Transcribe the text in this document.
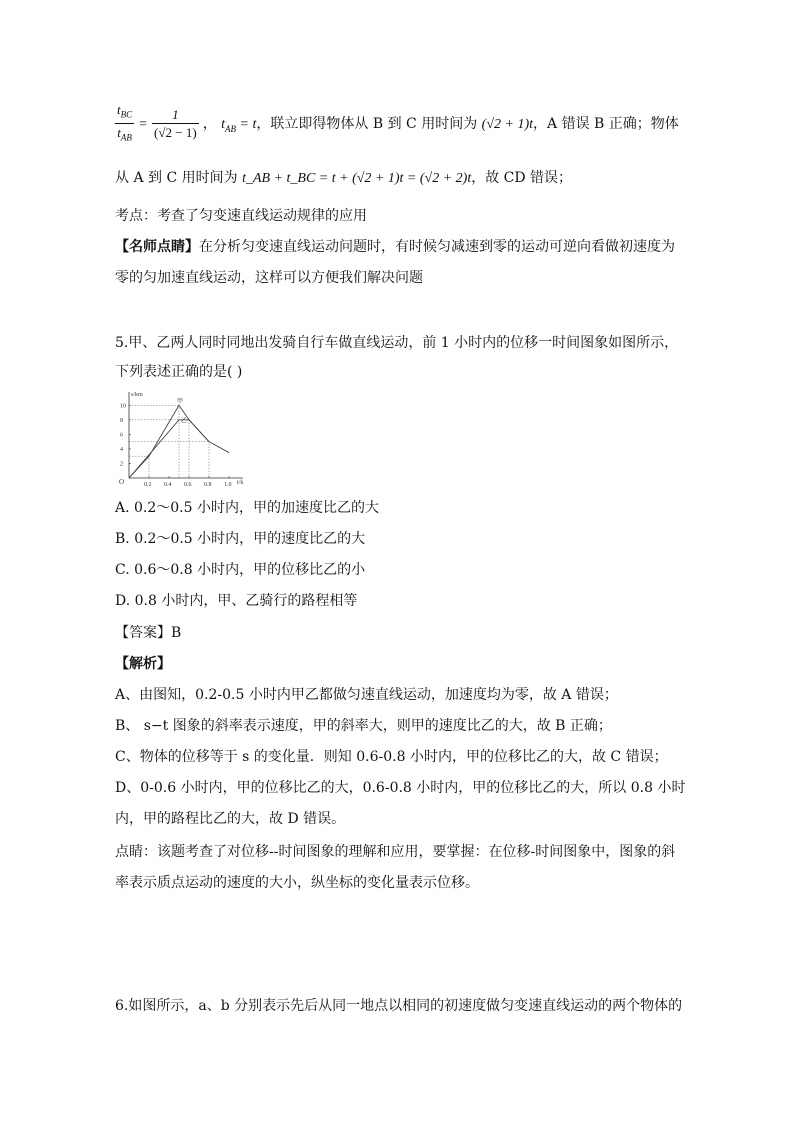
$\frac{t_{BC}}{t_{AB}} = \frac{1}{(√2 - 1)}$ ， $t_{AB} = t$，联立即得物体从 B 到 C 用时间为 (√2 + 1)t，A 错误 B 正确；物体
从 A 到 C 用时间为 t_AB + t_BC = t + (√2 + 1)t = (√2 + 2)t，故 CD 错误；
考点：考查了匀变速直线运动规律的应用
【名师点睛】在分析匀变速直线运动问题时，有时候匀减速到零的运动可逆向看做初速度为
零的匀加速直线运动，这样可以方便我们解决问题
5.甲、乙两人同时同地出发骑自行车做直线运动，前 1 小时内的位移一时间图象如图所示，
下列表述正确的是( )
O
s/km
t/h
0.2 0.4 0.6 0.8 1.0
2
4
6
8
10
甲
乙
A. 0.2～0.5 小时内，甲的加速度比乙的大
B. 0.2～0.5 小时内，甲的速度比乙的大
C. 0.6～0.8 小时内，甲的位移比乙的小
D. 0.8 小时内，甲、乙骑行的路程相等
【答案】B
【解析】
A、由图知，0.2-0.5 小时内甲乙都做匀速直线运动，加速度均为零，故 A 错误；
B、 s−t 图象的斜率表示速度，甲的斜率大，则甲的速度比乙的大，故 B 正确；
C、物体的位移等于 s 的变化量．则知 0.6-0.8 小时内，甲的位移比乙的大，故 C 错误；
D、0-0.6 小时内，甲的位移比乙的大，0.6-0.8 小时内，甲的位移比乙的大，所以 0.8 小时
内，甲的路程比乙的大，故 D 错误。
点睛：该题考查了对位移--时间图象的理解和应用，要掌握：在位移-时间图象中，图象的斜
率表示质点运动的速度的大小，纵坐标的变化量表示位移。
6.如图所示，a、b 分别表示先后从同一地点以相同的初速度做匀变速直线运动的两个物体的
